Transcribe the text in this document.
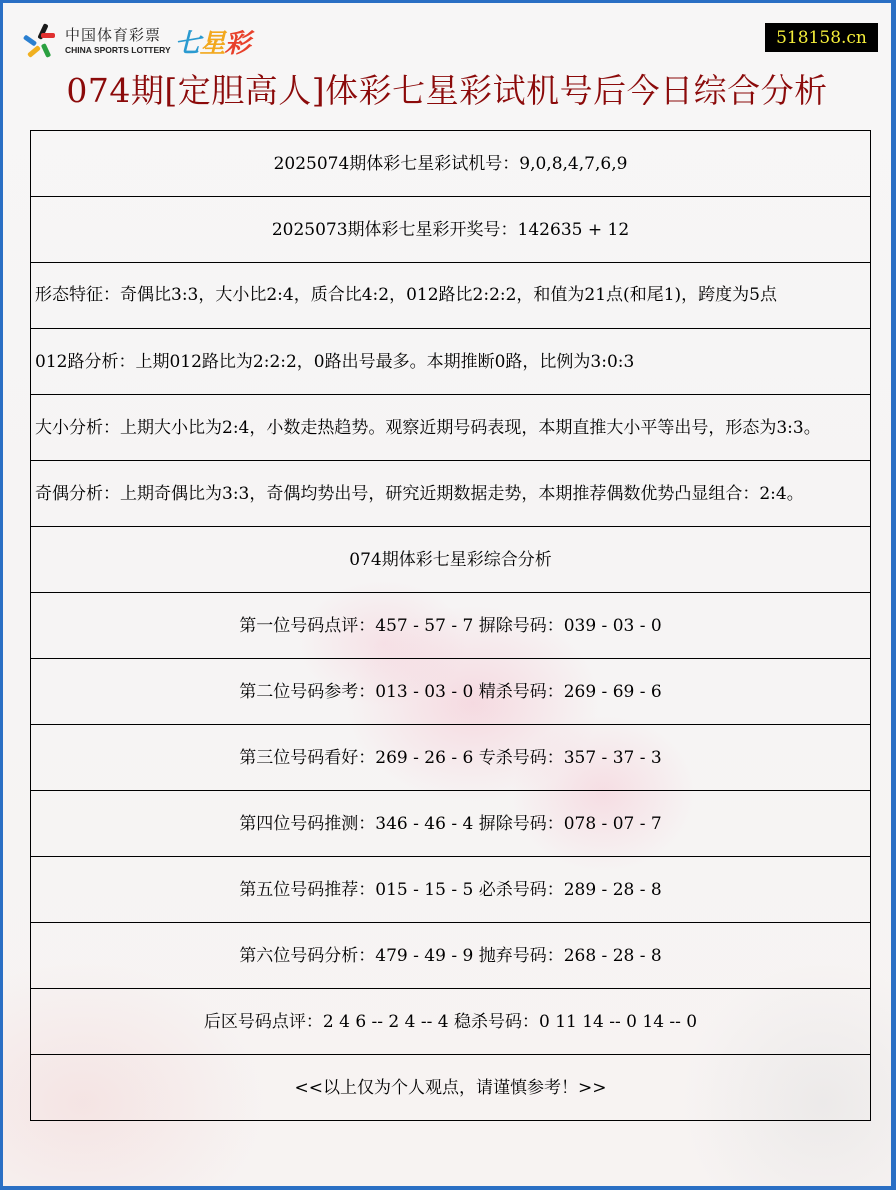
中国体育彩票
CHINA SPORTS LOTTERY 七星彩	518158.cn
074期[定胆高人]体彩七星彩试机号后今日综合分析
2025074期体彩七星彩试机号：9,0,8,4,7,6,9
2025073期体彩七星彩开奖号：142635 + 12
形态特征：奇偶比3:3，大小比2:4，质合比4:2，012路比2:2:2，和值为21点(和尾1)，跨度为5点
012路分析：上期012路比为2:2:2，0路出号最多。本期推断0路，比例为3:0:3
大小分析：上期大小比为2:4，小数走热趋势。观察近期号码表现，本期直推大小平等出号，形态为3:3。
奇偶分析：上期奇偶比为3:3，奇偶均势出号，研究近期数据走势，本期推荐偶数优势凸显组合：2:4。
074期体彩七星彩综合分析
第一位号码点评：457 - 57 - 7 摒除号码：039 - 03 - 0
第二位号码参考：013 - 03 - 0 精杀号码：269 - 69 - 6
第三位号码看好：269 - 26 - 6 专杀号码：357 - 37 - 3
第四位号码推测：346 - 46 - 4 摒除号码：078 - 07 - 7
第五位号码推荐：015 - 15 - 5 必杀号码：289 - 28 - 8
第六位号码分析：479 - 49 - 9 抛弃号码：268 - 28 - 8
后区号码点评：2 4 6 -- 2 4 -- 4 稳杀号码：0 11 14 -- 0 14 -- 0
<<以上仅为个人观点，请谨慎参考！>>
